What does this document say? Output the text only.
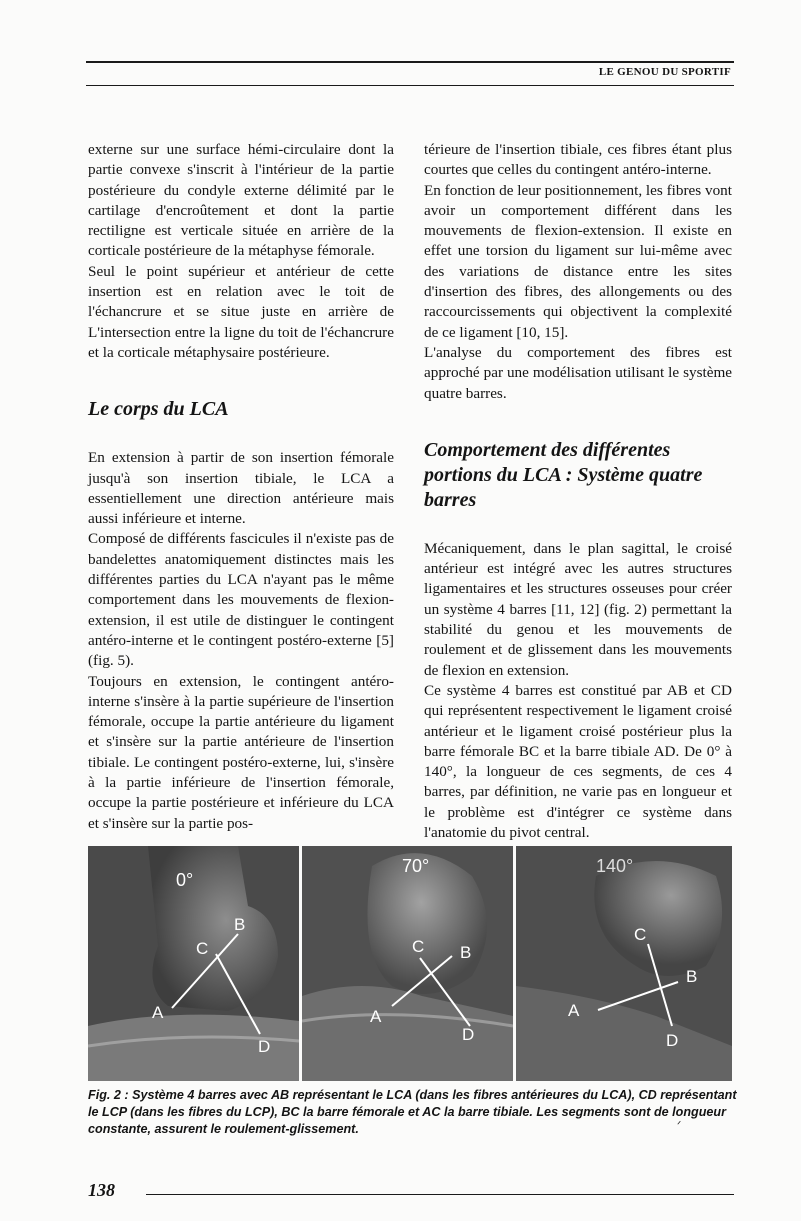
LE GENOU DU SPORTIF

externe sur une surface hémi-circulaire dont la partie convexe s'inscrit à l'intérieur de la partie postérieure du condyle externe délimité par le cartilage d'encroûtement et dont la partie rectiligne est verticale située en arrière de la corticale postérieure de la métaphyse fémorale.

Seul le point supérieur et antérieur de cette insertion est en relation avec le toit de l'échancrure et se situe juste en arrière de L'intersection entre la ligne du toit de l'échancrure et la corticale métaphysaire postérieure.

Le corps du LCA

En extension à partir de son insertion fémorale jusqu'à son insertion tibiale, le LCA a essentiellement une direction antérieure mais aussi inférieure et interne.

Composé de différents fascicules il n'existe pas de bandelettes anatomiquement distinctes mais les différentes parties du LCA n'ayant pas le même comportement dans les mouvements de flexion-extension, il est utile de distinguer le contingent antéro-interne et le contingent postéro-externe [5] (fig. 5).

Toujours en extension, le contingent antéro-interne s'insère à la partie supérieure de l'insertion fémorale, occupe la partie antérieure du ligament et s'insère sur la partie antérieure de l'insertion tibiale. Le contingent postéro-externe, lui, s'insère à la partie inférieure de l'insertion fémorale, occupe la partie postérieure et inférieure du LCA et s'insère sur la partie pos-

térieure de l'insertion tibiale, ces fibres étant plus courtes que celles du contingent antéro-interne.

En fonction de leur positionnement, les fibres vont avoir un comportement différent dans les mouvements de flexion-extension. Il existe en effet une torsion du ligament sur lui-même avec des variations de distance entre les sites d'insertion des fibres, des allongements ou des raccourcissements qui objectivent la complexité de ce ligament [10, 15].

L'analyse du comportement des fibres est approché par une modélisation utilisant le système quatre barres.

Comportement des différentes portions du LCA : Système quatre barres

Mécaniquement, dans le plan sagittal, le croisé antérieur est intégré avec les autres structures ligamentaires et les structures osseuses pour créer un système 4 barres [11, 12] (fig. 2) permettant la stabilité du genou et les mouvements de roulement et de glissement dans les mouvements de flexion en extension.

Ce système 4 barres est constitué par AB et CD qui représentent respectivement le ligament croisé antérieur et le ligament croisé postérieur plus la barre fémorale BC et la barre tibiale AD. De 0° à 140°, la longueur de ces segments, de ces 4 barres, par définition, ne varie pas en longueur et le problème est d'intégrer ce système dans l'anatomie du pivot central.

0°
A
B
C
D
70°
A
B
C
D
140°
A
B
C
D
Fig. 2 : Système 4 barres avec AB représentant le LCA (dans les fibres antérieures du LCA), CD représentant le LCP (dans les fibres du LCP), BC la barre fémorale et AC la barre tibiale. Les segments sont de longueur constante, assurent le roulement-glissement.	ᐟ
138
